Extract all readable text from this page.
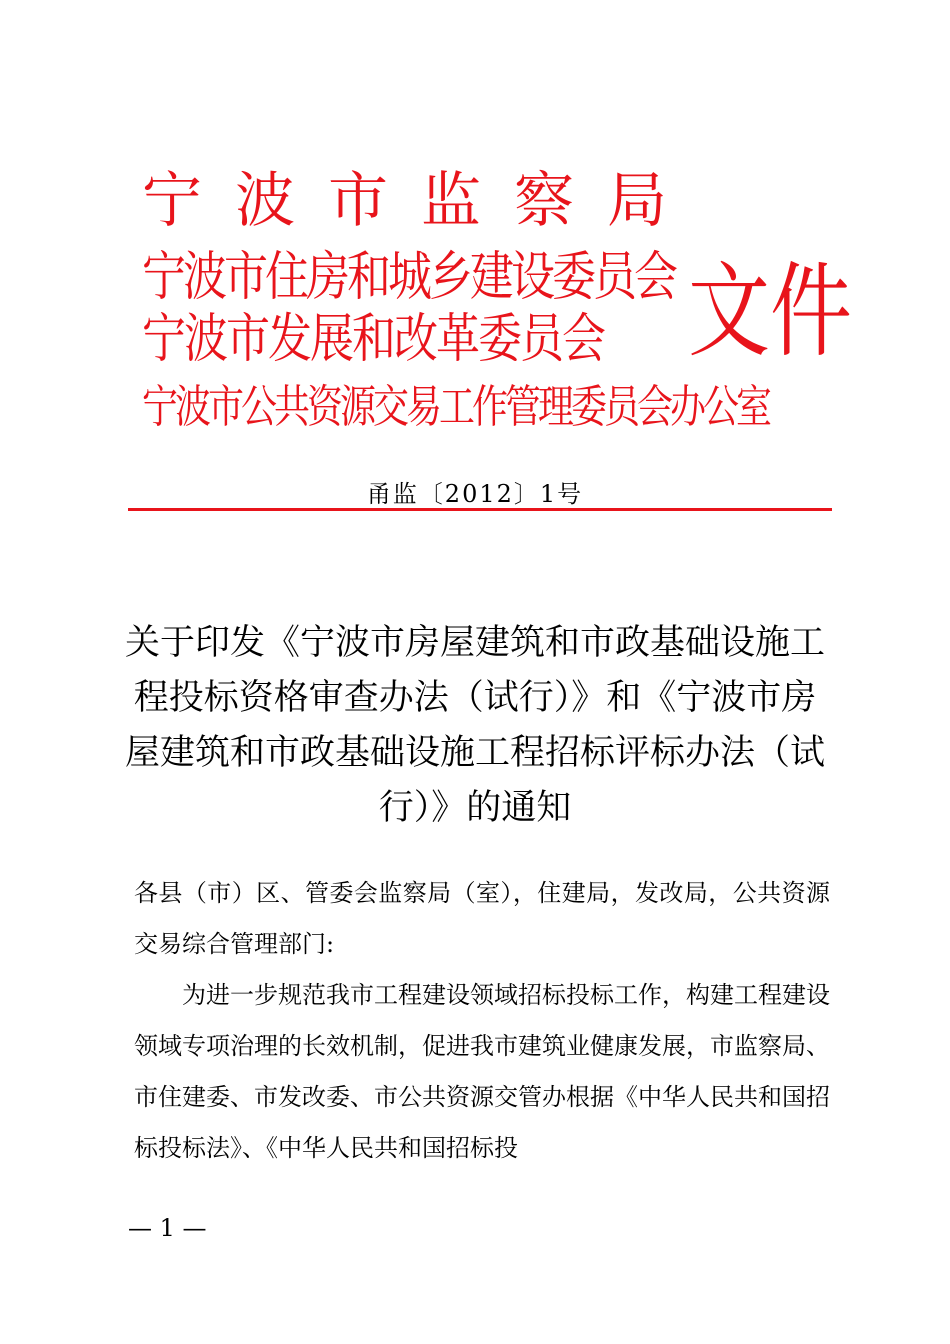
宁波市监察局
宁波市住房和城乡建设委员会
宁波市发展和改革委员会
宁波市公共资源交易工作管理委员会办公室
文件
甬监〔2012〕1号
关于印发《宁波市房屋建筑和市政基础设施工程投标资格审查办法（试行）》和《宁波市房屋建筑和市政基础设施工程招标评标办法（试行）》的通知
各县（市）区、管委会监察局（室），住建局，发改局，公共资源交易综合管理部门:
为进一步规范我市工程建设领域招标投标工作，构建工程建设领域专项治理的长效机制，促进我市建筑业健康发展，市监察局、市住建委、市发改委、市公共资源交管办根据《中华人民共和国招标投标法》、《中华人民共和国招标投
— 1 —
